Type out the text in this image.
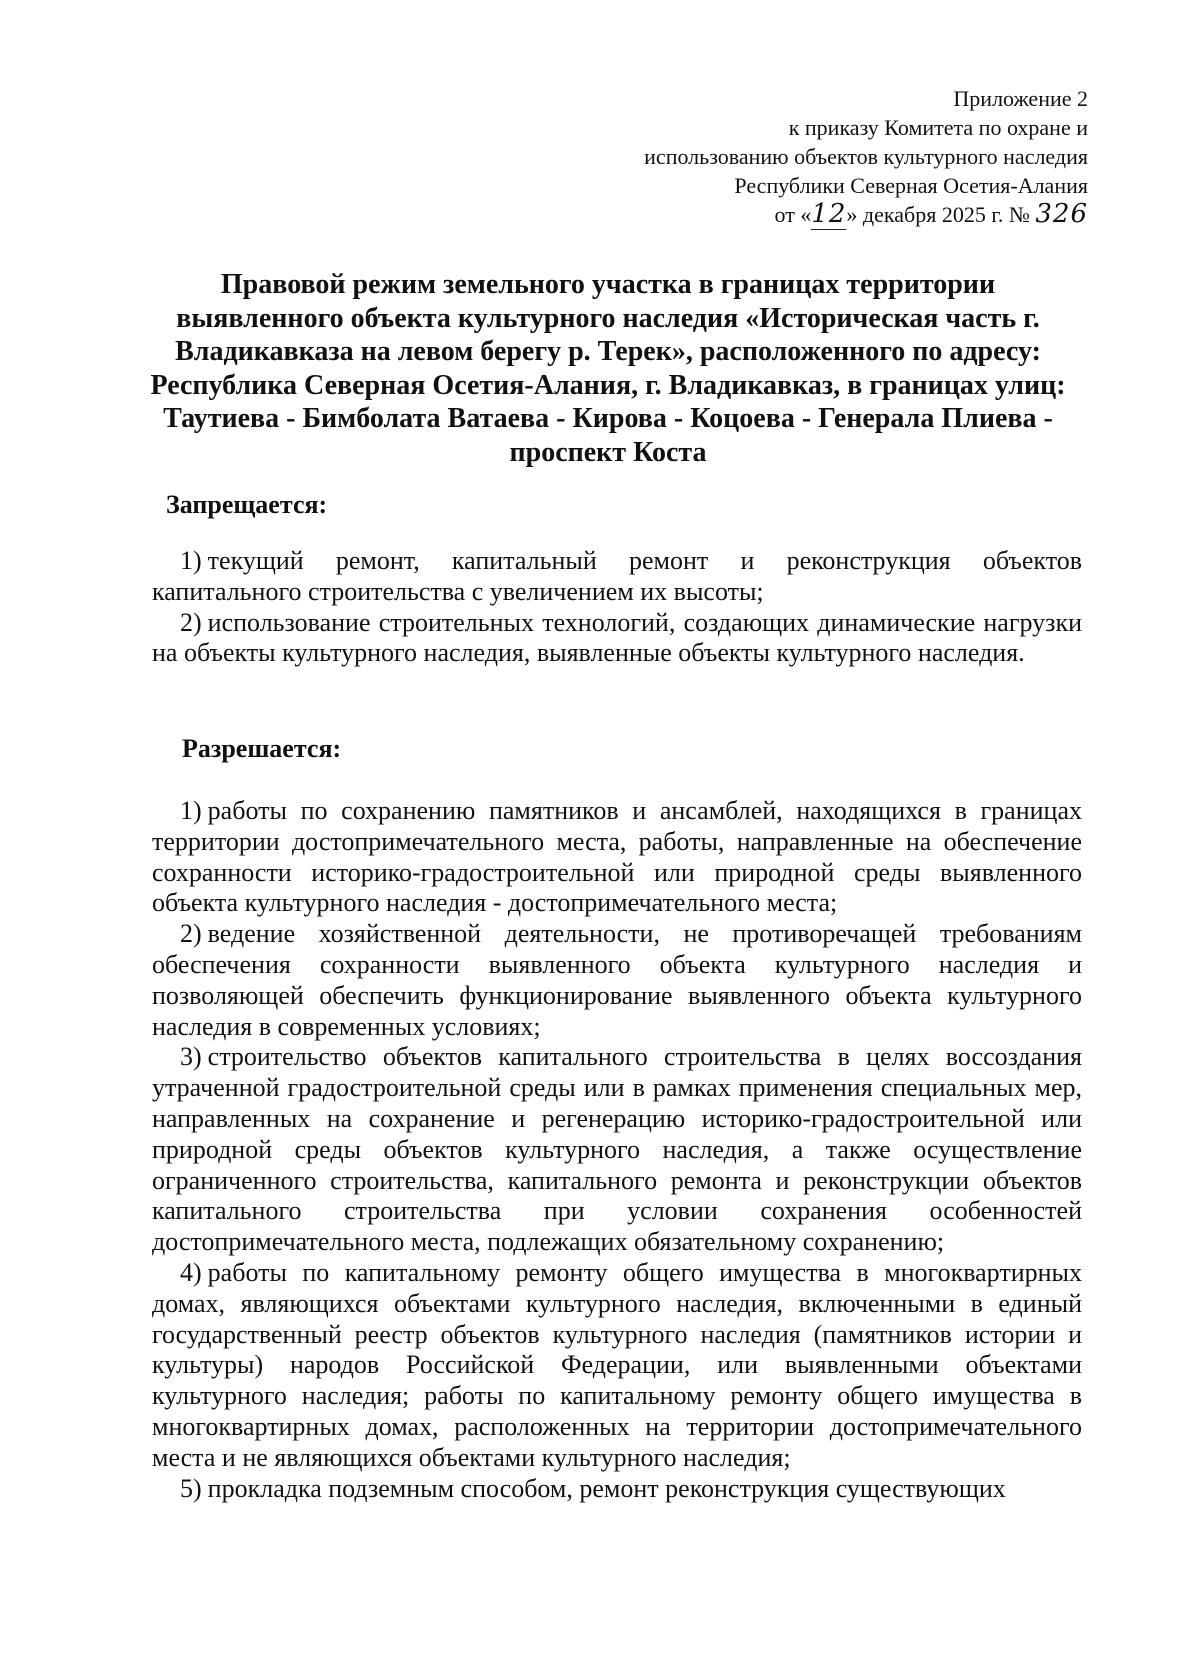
Приложение 2
к приказу Комитета по охране и
использованию объектов культурного наследия
Республики Северная Осетия-Алания
от «12» декабря 2025 г. № 326
Правовой режим земельного участка в границах территории выявленного объекта культурного наследия «Историческая часть г. Владикавказа на левом берегу р. Терек», расположенного по адресу: Республика Северная Осетия-Алания, г. Владикавказ, в границах улиц: Таутиева - Бимболата Ватаева - Кирова - Коцоева - Генерала Плиева - проспект Коста
Запрещается:

1) текущий ремонт, капитальный ремонт и реконструкция объектов капитального строительства с увеличением их высоты;

2) использование строительных технологий, создающих динамические нагрузки на объекты культурного наследия, выявленные объекты культурного наследия.

Разрешается:

1) работы по сохранению памятников и ансамблей, находящихся в границах территории достопримечательного места, работы, направленные на обеспечение сохранности историко-градостроительной или природной среды выявленного объекта культурного наследия - достопримечательного места;

2) ведение хозяйственной деятельности, не противоречащей требованиям обеспечения сохранности выявленного объекта культурного наследия и позволяющей обеспечить функционирование выявленного объекта культурного наследия в современных условиях;

3) строительство объектов капитального строительства в целях воссоздания утраченной градостроительной среды или в рамках применения специальных мер, направленных на сохранение и регенерацию историко-градостроительной или природной среды объектов культурного наследия, а также осуществление ограниченного строительства, капитального ремонта и реконструкции объектов капитального строительства при условии сохранения особенностей достопримечательного места, подлежащих обязательному сохранению;

4) работы по капитальному ремонту общего имущества в многоквартирных домах, являющихся объектами культурного наследия, включенными в единый государственный реестр объектов культурного наследия (памятников истории и культуры) народов Российской Федерации, или выявленными объектами культурного наследия; работы по капитальному ремонту общего имущества в многоквартирных домах, расположенных на территории достопримечательного места и не являющихся объектами культурного наследия;

5) прокладка подземным способом, ремонт реконструкция существующих
